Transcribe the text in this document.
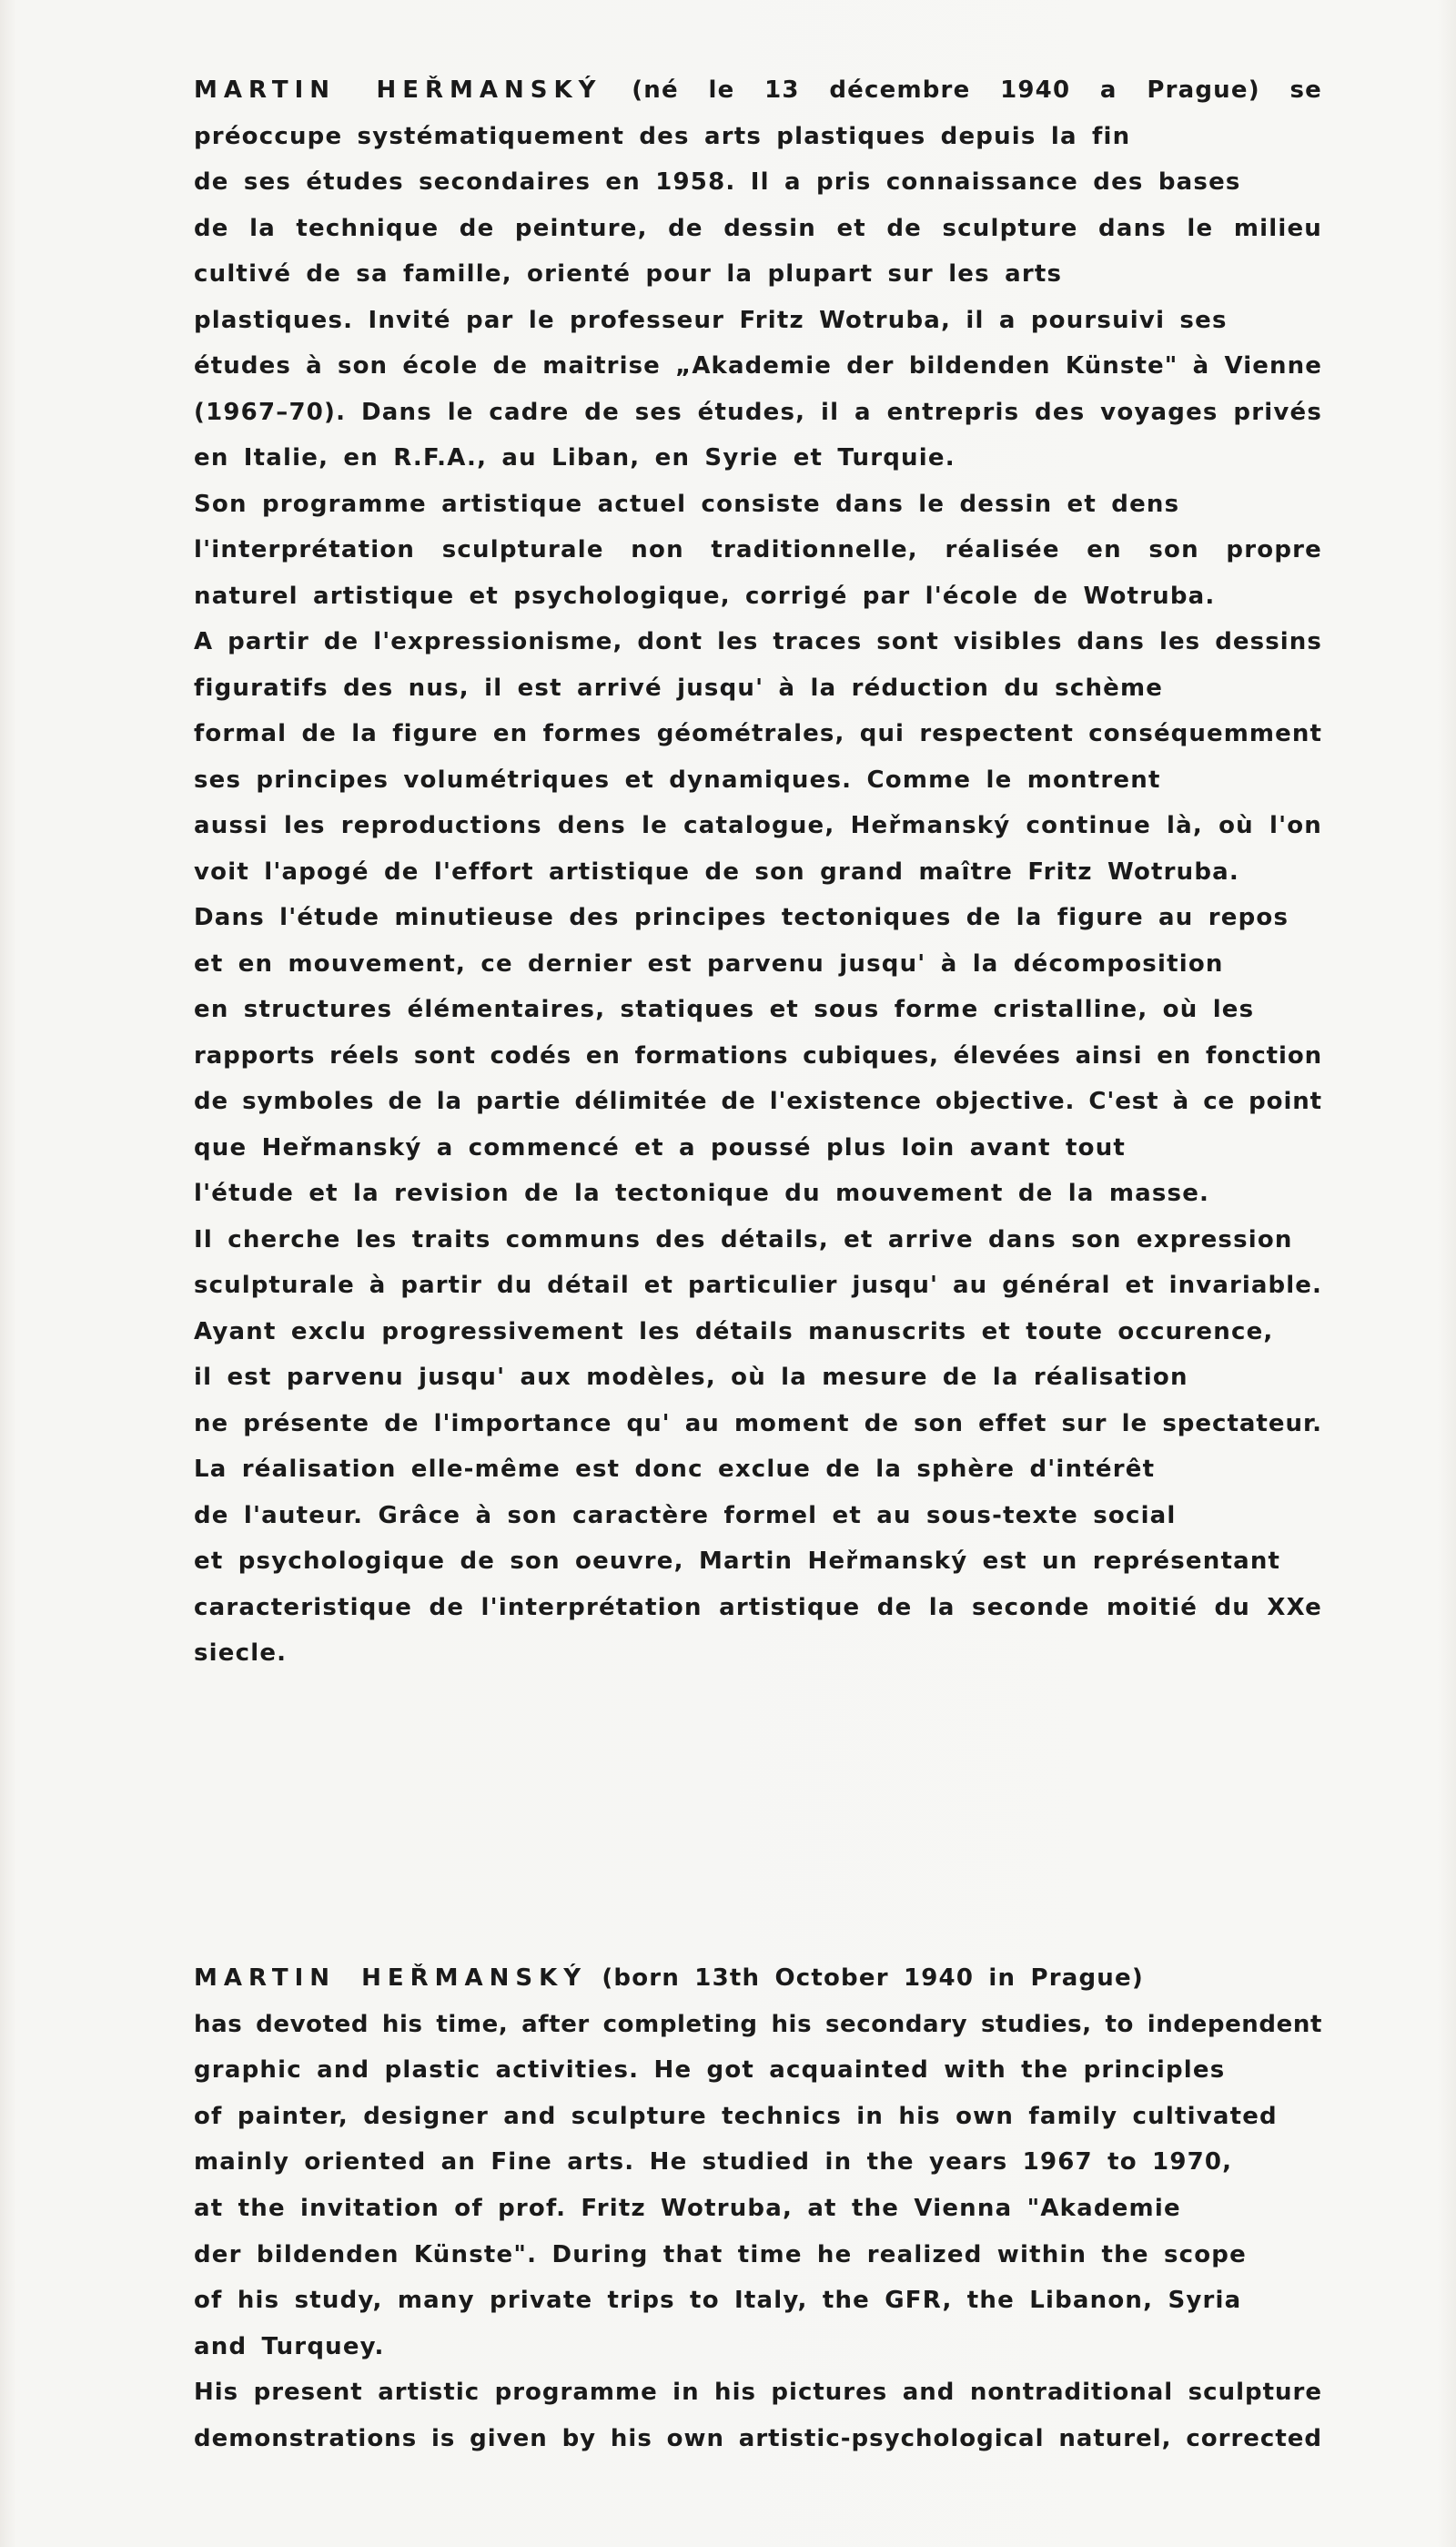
MARTIN HEŘMANSKÝ (né le 13 décembre 1940 a Prague) se
préoccupe systématiquement des arts plastiques depuis la fin
de ses études secondaires en 1958. Il a pris connaissance des bases
de la technique de peinture, de dessin et de sculpture dans le milieu
cultivé de sa famille, orienté pour la plupart sur les arts
plastiques. Invité par le professeur Fritz Wotruba, il a poursuivi ses
études à son école de maitrise „Akademie der bildenden Künste" à Vienne
(1967–70). Dans le cadre de ses études, il a entrepris des voyages privés
en Italie, en R.F.A., au Liban, en Syrie et Turquie.
Son programme artistique actuel consiste dans le dessin et dens
l'interprétation sculpturale non traditionnelle, réalisée en son propre
naturel artistique et psychologique, corrigé par l'école de Wotruba.
A partir de l'expressionisme, dont les traces sont visibles dans les dessins
figuratifs des nus, il est arrivé jusqu' à la réduction du schème
formal de la figure en formes géométrales, qui respectent conséquemment
ses principes volumétriques et dynamiques. Comme le montrent
aussi les reproductions dens le catalogue, Heřmanský continue là, où l'on
voit l'apogé de l'effort artistique de son grand maître Fritz Wotruba.
Dans l'étude minutieuse des principes tectoniques de la figure au repos
et en mouvement, ce dernier est parvenu jusqu' à la décomposition
en structures élémentaires, statiques et sous forme cristalline, où les
rapports réels sont codés en formations cubiques, élevées ainsi en fonction
de symboles de la partie délimitée de l'existence objective. C'est à ce point
que Heřmanský a commencé et a poussé plus loin avant tout
l'étude et la revision de la tectonique du mouvement de la masse.
Il cherche les traits communs des détails, et arrive dans son expression
sculpturale à partir du détail et particulier jusqu' au général et invariable.
Ayant exclu progressivement les détails manuscrits et toute occurence,
il est parvenu jusqu' aux modèles, où la mesure de la réalisation
ne présente de l'importance qu' au moment de son effet sur le spectateur.
La réalisation elle-même est donc exclue de la sphère d'intérêt
de l'auteur. Grâce à son caractère formel et au sous-texte social
et psychologique de son oeuvre, Martin Heřmanský est un représentant
caracteristique de l'interprétation artistique de la seconde moitié du XXe
siecle.
MARTIN HEŘMANSKÝ (born 13th October 1940 in Prague)
has devoted his time, after completing his secondary studies, to independent
graphic and plastic activities. He got acquainted with the principles
of painter, designer and sculpture technics in his own family cultivated
mainly oriented an Fine arts. He studied in the years 1967 to 1970,
at the invitation of prof. Fritz Wotruba, at the Vienna "Akademie
der bildenden Künste". During that time he realized within the scope
of his study, many private trips to Italy, the GFR, the Libanon, Syria
and Turquey.
His present artistic programme in his pictures and nontraditional sculpture
demonstrations is given by his own artistic-psychological naturel, corrected
